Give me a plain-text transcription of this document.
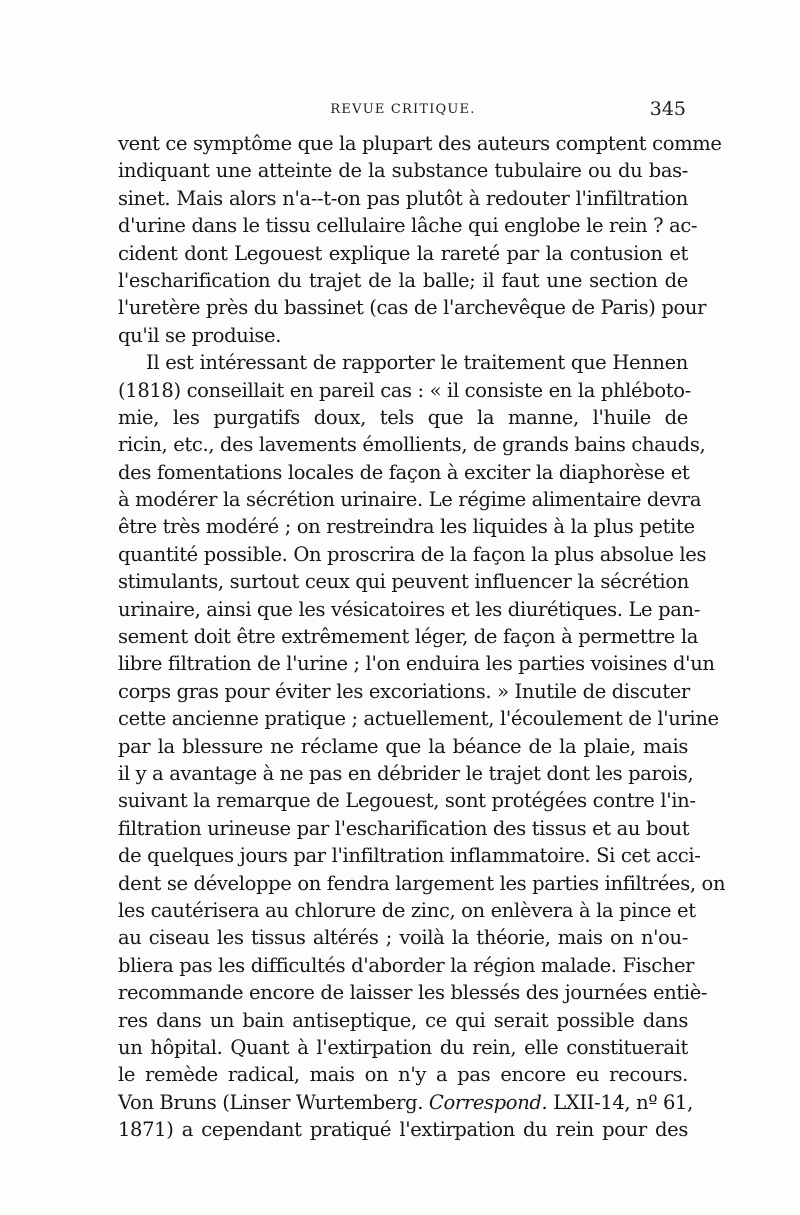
REVUE CRITIQUE.	345
vent ce symptôme que la plupart des auteurs comptent comme
indiquant une atteinte de la substance tubulaire ou du bas-
sinet. Mais alors n'a--t-on pas plutôt à redouter l'infiltration
d'urine dans le tissu cellulaire lâche qui englobe le rein ? ac-
cident dont Legouest explique la rareté par la contusion et
l'escharification du trajet de la balle; il faut une section de
l'uretère près du bassinet (cas de l'archevêque de Paris) pour
qu'il se produise.
Il est intéressant de rapporter le traitement que Hennen
(1818) conseillait en pareil cas : « il consiste en la phlébotо-
mie, les purgatifs doux, tels que la manne, l'huile de
ricin, etc., des lavements émollients, de grands bains chauds,
des fomentations locales de façon à exciter la diaphorèse et
à modérer la sécrétion urinaire. Le régime alimentaire devra
être très modéré ; on restreindra les liquides à la plus petite
quantité possible. On proscrira de la façon la plus absolue les
stimulants, surtout ceux qui peuvent influencer la sécrétion
urinaire, ainsi que les vésicatoires et les diurétiques. Le pan-
sement doit être extrêmement léger, de façon à permettre la
libre filtration de l'urine ; l'on enduira les parties voisines d'un
corps gras pour éviter les excoriations. » Inutile de discuter
cette ancienne pratique ; actuellement, l'écoulement de l'urine
par la blessure ne réclame que la béance de la plaie, mais
il y a avantage à ne pas en débrider le trajet dont les parois,
suivant la remarque de Legouest, sont protégées contre l'in-
filtration urineuse par l'escharification des tissus et au bout
de quelques jours par l'infiltration inflammatoire. Si cet acci-
dent se développe on fendra largement les parties infiltrées, on
les cautérisera au chlorure de zinc, on enlèvera à la pince et
au ciseau les tissus altérés ; voilà la théorie, mais on n'ou-
bliera pas les difficultés d'aborder la région malade. Fischer
recommande encore de laisser les blessés des journées entiè-
res dans un bain antiseptique, ce qui serait possible dans
un hôpital. Quant à l'extirpation du rein, elle constituerait
le remède radical, mais on n'y a pas encore eu recours.
Von Bruns (Linser Wurtemberg. Correspond. LXII-14, nº 61,
1871) a cependant pratiqué l'extirpation du rein pour des
